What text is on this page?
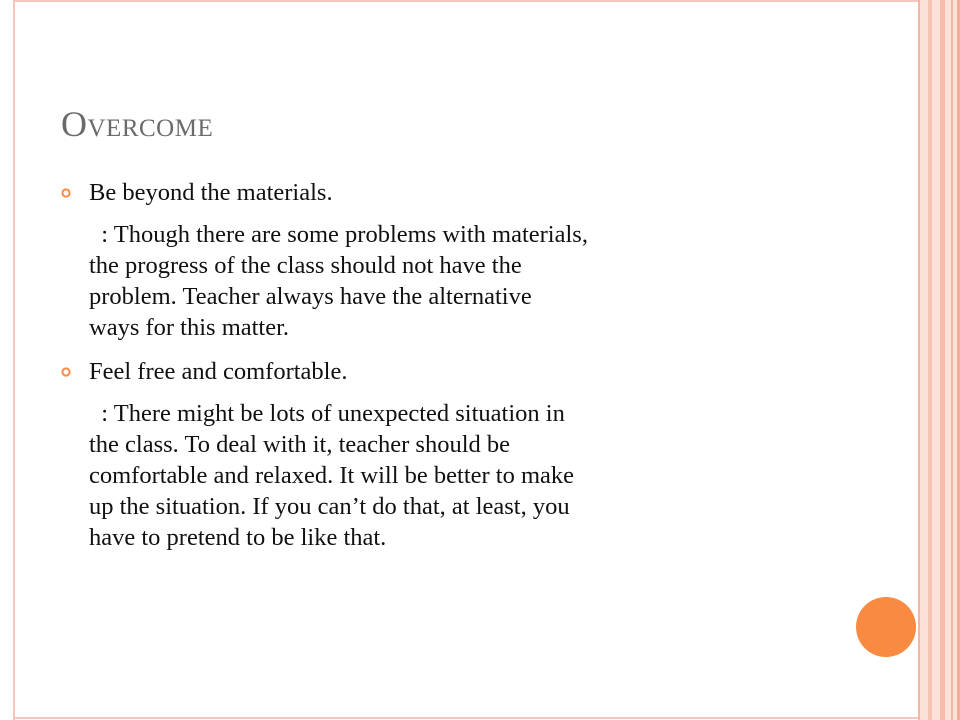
Overcome
Be beyond the materials.
: Though there are some problems with materials,
the progress of the class should not have the
problem. Teacher always have the alternative
ways for this matter.
Feel free and comfortable.
: There might be lots of unexpected situation in
the class. To deal with it, teacher should be
comfortable and relaxed. It will be better to make
up the situation. If you can’t do that, at least, you
have to pretend to be like that.
